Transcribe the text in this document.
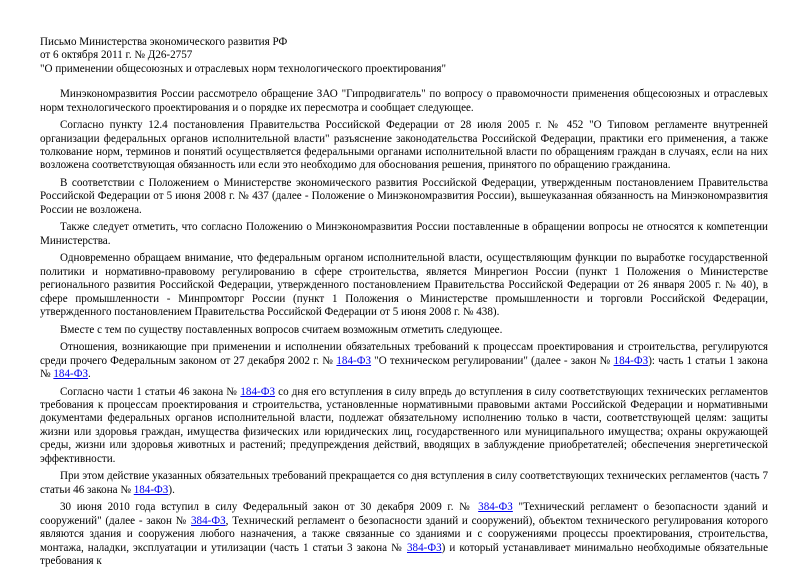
Письмо Министерства экономического развития РФ

от 6 октября 2011 г. № Д26-2757

"О применении общесоюзных и отраслевых норм технологического проектирования"

Минэкономразвития России рассмотрело обращение ЗАО "Гипродвигатель" по вопросу о правомочности применения общесоюзных и отраслевых норм технологического проектирования и о порядке их пересмотра и сообщает следующее.

Согласно пункту 12.4 постановления Правительства Российской Федерации от 28 июля 2005 г. № 452 "О Типовом регламенте внутренней организации федеральных органов исполнительной власти" разъяснение законодательства Российской Федерации, практики его применения, а также толкование норм, терминов и понятий осуществляется федеральными органами исполнительной власти по обращениям граждан в случаях, если на них возложена соответствующая обязанность или если это необходимо для обоснования решения, принятого по обращению гражданина.

В соответствии с Положением о Министерстве экономического развития Российской Федерации, утвержденным постановлением Правительства Российской Федерации от 5 июня 2008 г. № 437 (далее - Положение о Минэкономразвития России), вышеуказанная обязанность на Минэкономразвития России не возложена.

Также следует отметить, что согласно Положению о Минэкономразвития России поставленные в обращении вопросы не относятся к компетенции Министерства.

Одновременно обращаем внимание, что федеральным органом исполнительной власти, осуществляющим функции по выработке государственной политики и нормативно-правовому регулированию в сфере строительства, является Минрегион России (пункт 1 Положения о Министерстве регионального развития Российской Федерации, утвержденного постановлением Правительства Российской Федерации от 26 января 2005 г. № 40), в сфере промышленности - Минпромторг России (пункт 1 Положения о Министерстве промышленности и торговли Российской Федерации, утвержденного постановлением Правительства Российской Федерации от 5 июня 2008 г. № 438).

Вместе с тем по существу поставленных вопросов считаем возможным отметить следующее.

Отношения, возникающие при применении и исполнении обязательных требований к процессам проектирования и строительства, регулируются среди прочего Федеральным законом от 27 декабря 2002 г. № 184-ФЗ "О техническом регулировании" (далее - закон № 184-ФЗ): часть 1 статьи 1 закона № 184-ФЗ.

Согласно части 1 статьи 46 закона № 184-ФЗ со дня его вступления в силу впредь до вступления в силу соответствующих технических регламентов требования к процессам проектирования и строительства, установленные нормативными правовыми актами Российской Федерации и нормативными документами федеральных органов исполнительной власти, подлежат обязательному исполнению только в части, соответствующей целям: защиты жизни или здоровья граждан, имущества физических или юридических лиц, государственного или муниципального имущества; охраны окружающей среды, жизни или здоровья животных и растений; предупреждения действий, вводящих в заблуждение приобретателей; обеспечения энергетической эффективности.

При этом действие указанных обязательных требований прекращается со дня вступления в силу соответствующих технических регламентов (часть 7 статьи 46 закона № 184-ФЗ).

30 июня 2010 года вступил в силу Федеральный закон от 30 декабря 2009 г. № 384-ФЗ "Технический регламент о безопасности зданий и сооружений" (далее - закон № 384-ФЗ, Технический регламент о безопасности зданий и сооружений), объектом технического регулирования которого являются здания и сооружения любого назначения, а также связанные со зданиями и с сооружениями процессы проектирования, строительства, монтажа, наладки, эксплуатации и утилизации (часть 1 статьи 3 закона № 384-ФЗ) и который устанавливает минимально необходимые обязательные требования к
